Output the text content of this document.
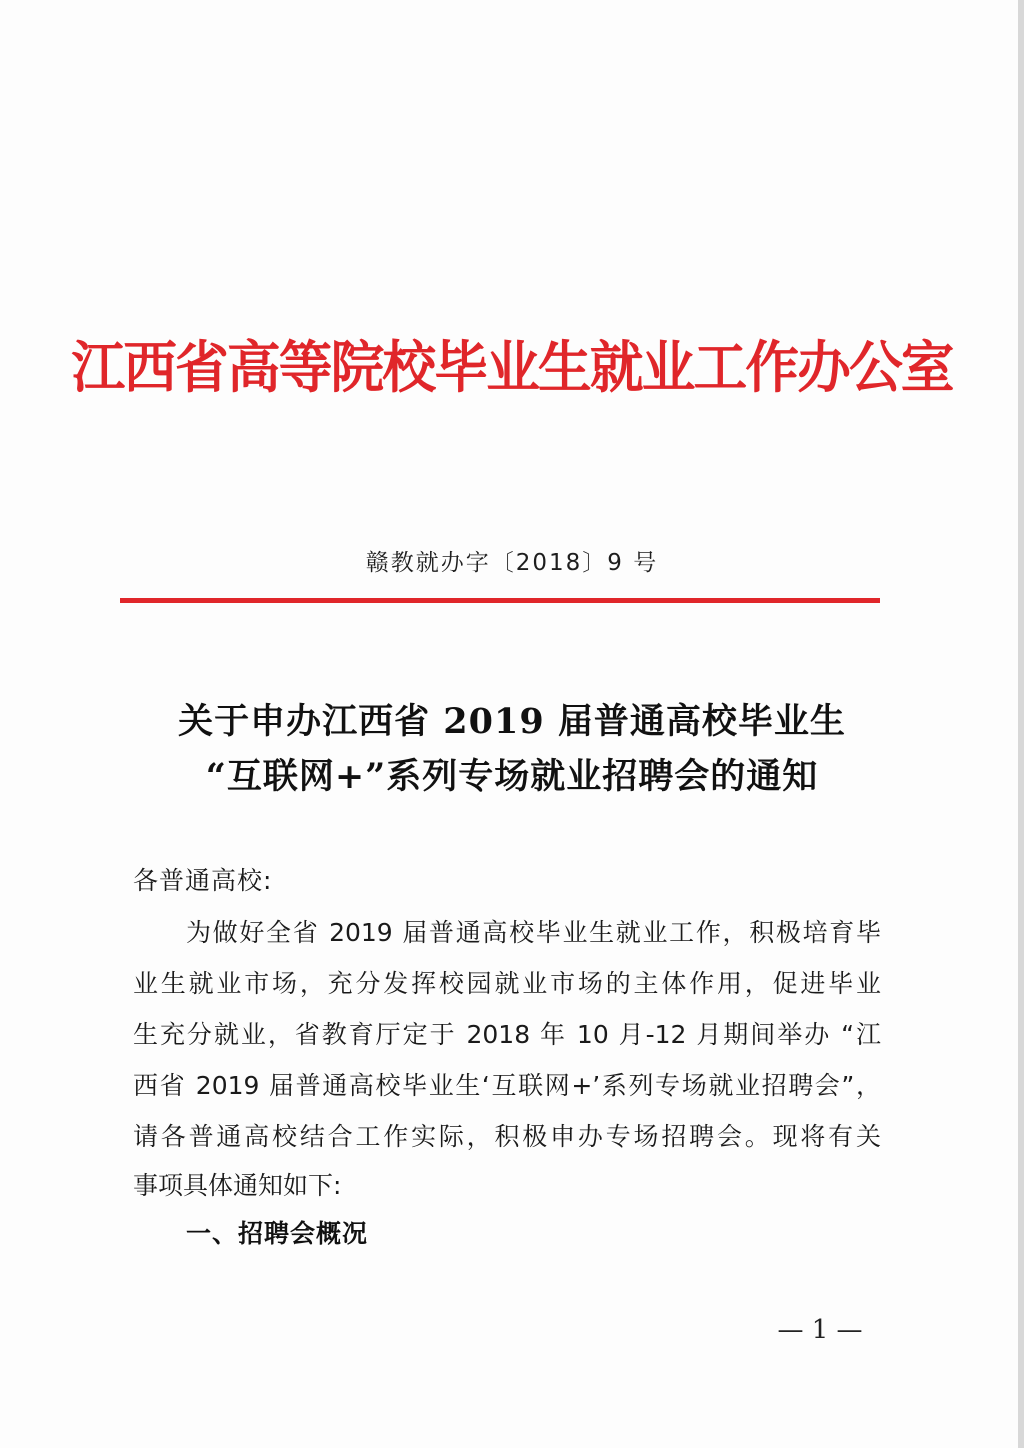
江西省高等院校毕业生就业工作办公室
赣教就办字〔2018〕9 号
关于申办江西省 2019 届普通高校毕业生
“互联网+”系列专场就业招聘会的通知
各普通高校:
为做好全省 2019 届普通高校毕业生就业工作，积极培育毕
业生就业市场，充分发挥校园就业市场的主体作用，促进毕业
生充分就业，省教育厅定于 2018 年 10 月-12 月期间举办 “江
西省 2019 届普通高校毕业生‘互联网+’系列专场就业招聘会”，
请各普通高校结合工作实际，积极申办专场招聘会。现将有关
事项具体通知如下:
一、招聘会概况
— 1 —
